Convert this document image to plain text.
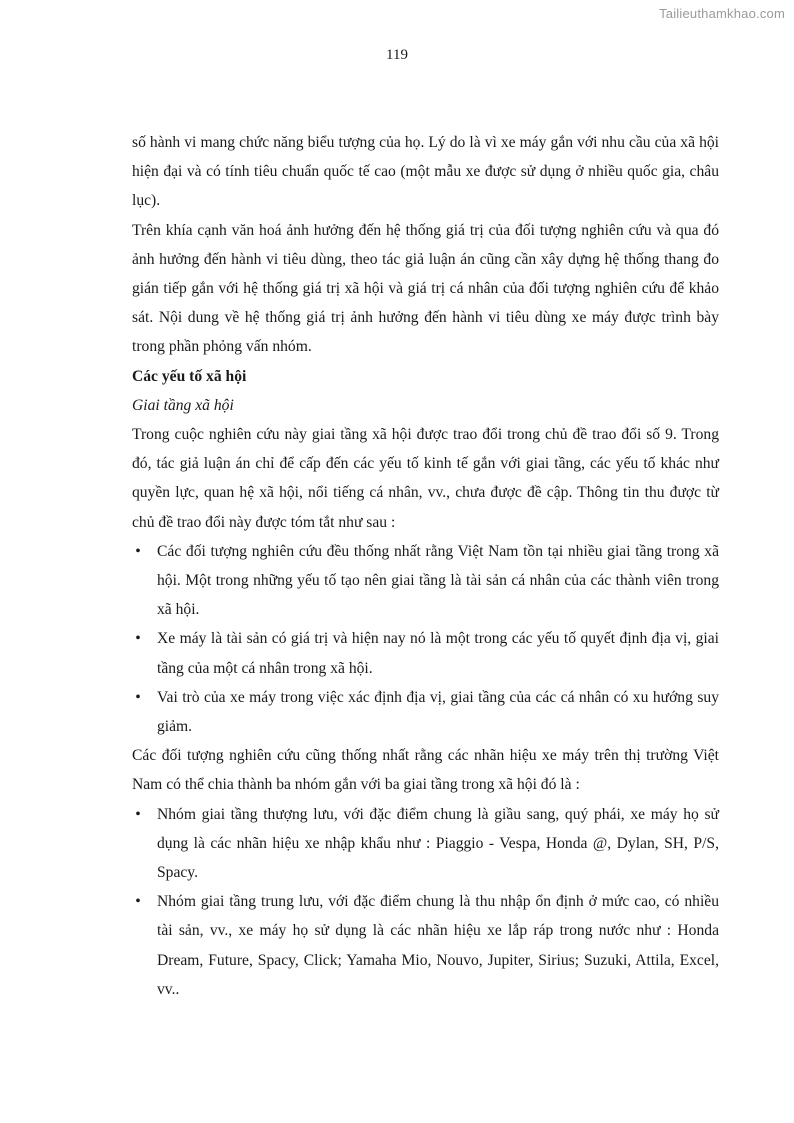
Tailieuthamkhao.com
119

số hành vi mang chức năng biểu tượng của họ. Lý do là vì xe máy gắn với nhu cầu của xã hội hiện đại và có tính tiêu chuẩn quốc tế cao (một mẫu xe được sử dụng ở nhiều quốc gia, châu lục).

Trên khía cạnh văn hoá ảnh hưởng đến hệ thống giá trị của đối tượng nghiên cứu và qua đó ảnh hưởng đến hành vi tiêu dùng, theo tác giả luận án cũng cần xây dựng hệ thống thang đo gián tiếp gắn với hệ thống giá trị xã hội và giá trị cá nhân của đối tượng nghiên cứu để khảo sát. Nội dung về hệ thống giá trị ảnh hưởng đến hành vi tiêu dùng xe máy được trình bày trong phần phỏng vấn nhóm.

Các yếu tố xã hội

Giai tầng xã hội

Trong cuộc nghiên cứu này giai tầng xã hội được trao đổi trong chủ đề trao đổi số 9. Trong đó, tác giả luận án chỉ để cấp đến các yếu tố kinh tế gắn với giai tầng, các yếu tố khác như quyền lực, quan hệ xã hội, nổi tiếng cá nhân, vv., chưa được đề cập. Thông tin thu được từ chủ đề trao đổi này được tóm tắt như sau :

• Các đối tượng nghiên cứu đều thống nhất rằng Việt Nam tồn tại nhiều giai tầng trong xã hội. Một trong những yếu tố tạo nên giai tầng là tài sản cá nhân của các thành viên trong xã hội.
• Xe máy là tài sản có giá trị và hiện nay nó là một trong các yếu tố quyết định địa vị, giai tầng của một cá nhân trong xã hội.
• Vai trò của xe máy trong việc xác định địa vị, giai tầng của các cá nhân có xu hướng suy giảm.

Các đối tượng nghiên cứu cũng thống nhất rằng các nhãn hiệu xe máy trên thị trường Việt Nam có thể chia thành ba nhóm gắn với ba giai tầng trong xã hội đó là :

• Nhóm giai tầng thượng lưu, với đặc điểm chung là giầu sang, quý phái, xe máy họ sử dụng là các nhãn hiệu xe nhập khẩu như : Piaggio - Vespa, Honda @, Dylan, SH, P/S, Spacy.
• Nhóm giai tầng trung lưu, với đặc điểm chung là thu nhập ổn định ở mức cao, có nhiều tài sản, vv., xe máy họ sử dụng là các nhãn hiệu xe lắp ráp trong nước như : Honda Dream, Future, Spacy, Click; Yamaha Mio, Nouvo, Jupiter, Sirius; Suzuki, Attila, Excel, vv..
